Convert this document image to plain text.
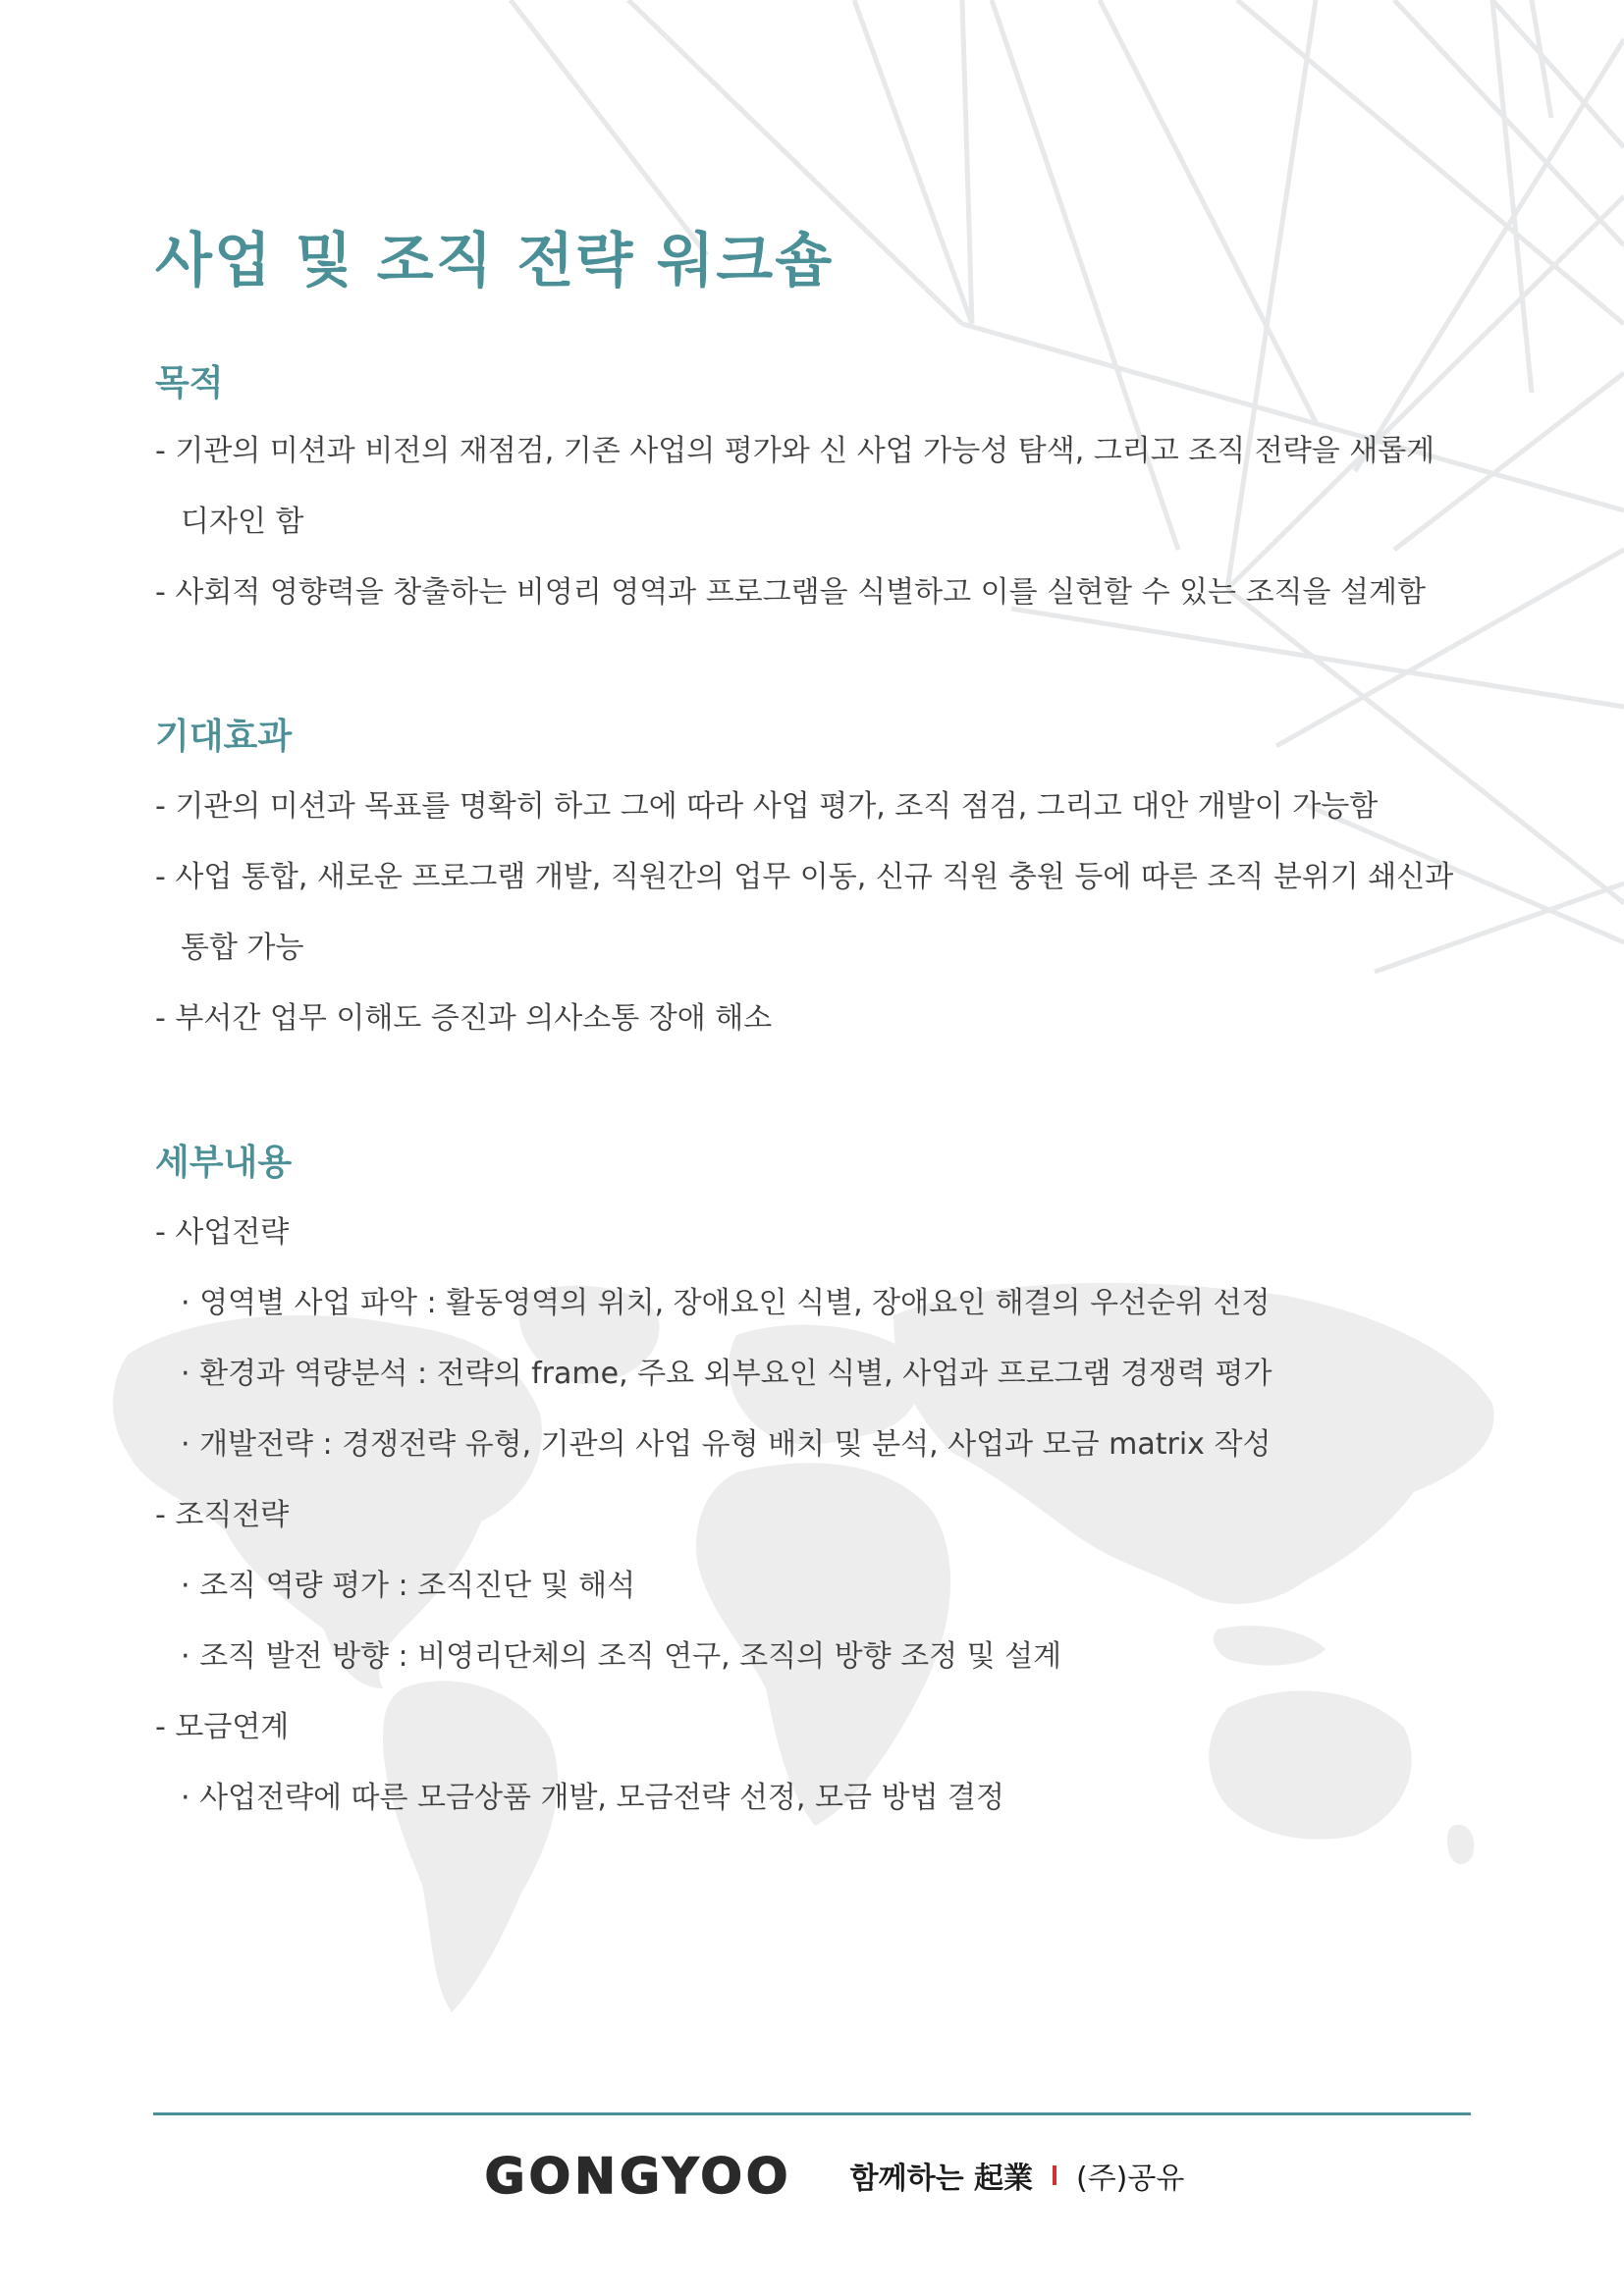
사업 및 조직 전략 워크숍
목적

- 기관의 미션과 비전의 재점검, 기존 사업의 평가와 신 사업 가능성 탐색, 그리고 조직 전략을 새롭게

디자인 함

- 사회적 영향력을 창출하는 비영리 영역과 프로그램을 식별하고 이를 실현할 수 있는 조직을 설계함

기대효과

- 기관의 미션과 목표를 명확히 하고 그에 따라 사업 평가, 조직 점검, 그리고 대안 개발이 가능함

- 사업 통합, 새로운 프로그램 개발, 직원간의 업무 이동, 신규 직원 충원 등에 따른 조직 분위기 쇄신과

통합 가능

- 부서간 업무 이해도 증진과 의사소통 장애 해소

세부내용

- 사업전략

· 영역별 사업 파악 : 활동영역의 위치, 장애요인 식별, 장애요인 해결의 우선순위 선정

· 환경과 역량분석 : 전략의 frame, 주요 외부요인 식별, 사업과 프로그램 경쟁력 평가

· 개발전략 : 경쟁전략 유형, 기관의 사업 유형 배치 및 분석, 사업과 모금 matrix 작성

- 조직전략

· 조직 역량 평가 : 조직진단 및 해석

· 조직 발전 방향 : 비영리단체의 조직 연구, 조직의 방향 조정 및 설계

- 모금연계

· 사업전략에 따른 모금상품 개발, 모금전략 선정, 모금 방법 결정

GONGYOO 함께하는 起業 (주)공유
